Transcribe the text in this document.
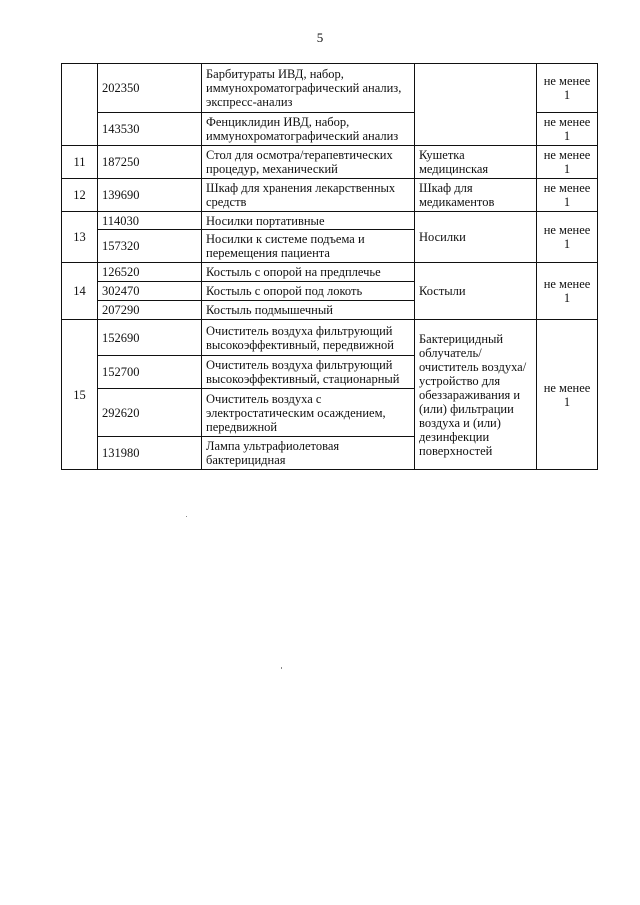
5
	202350	Барбитураты ИВД, набор, иммунохроматографический анализ, экспресс-анализ		не менее 1
	143530	Фенциклидин ИВД, набор, иммунохроматографический анализ		не менее 1
11	187250	Стол для осмотра/терапевтических процедур, механический	Кушетка медицинская	не менее 1
12	139690	Шкаф для хранения лекарственных средств	Шкаф для медикаментов	не менее 1
13	114030	Носилки портативные	Носилки	не менее 1
	157320	Носилки к системе подъема и перемещения пациента		
14	126520	Костыль с опорой на предплечье	Костыли	не менее 1
	302470	Костыль с опорой под локоть		
	207290	Костыль подмышечный		
15	152690	Очиститель воздуха фильтрующий высокоэффективный, передвижной	Бактерицидный облучатель/ очиститель воздуха/ устройство для обеззараживания и (или) фильтрации воздуха и (или) дезинфекции поверхностей	не менее 1
	152700	Очиститель воздуха фильтрующий высокоэффективный, стационарный		
	292620	Очиститель воздуха с электростатическим осаждением, передвижной		
	131980	Лампа ультрафиолетовая бактерицидная		
